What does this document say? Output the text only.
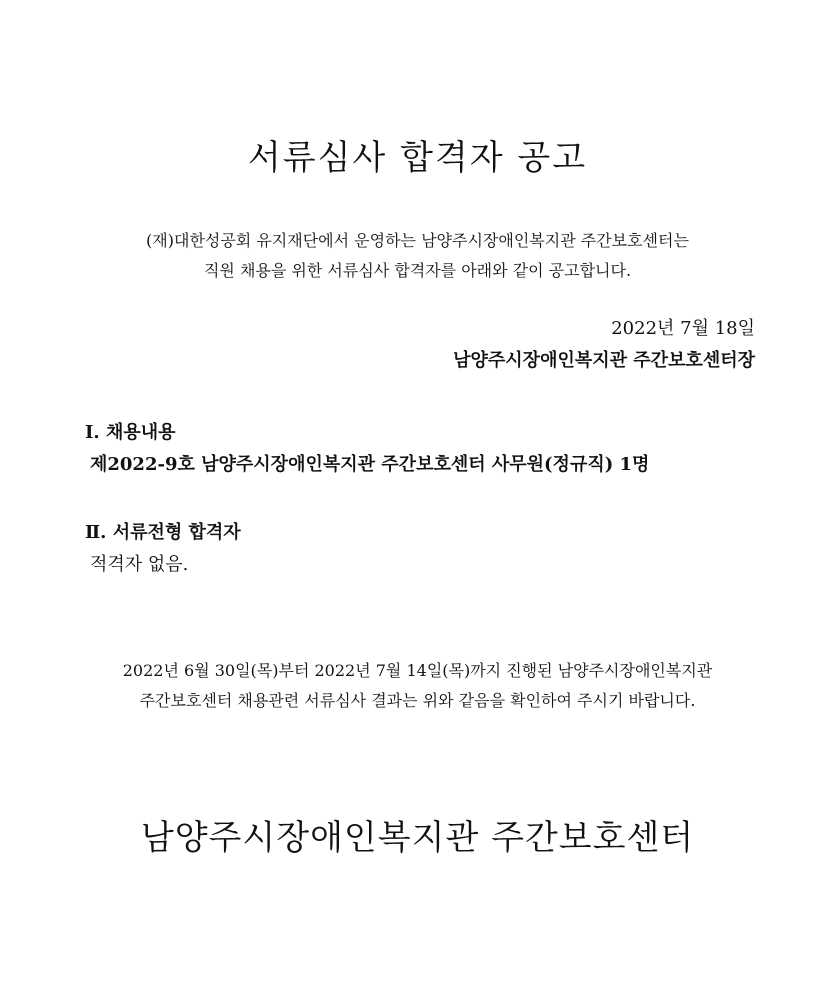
서류심사 합격자 공고
(재)대한성공회 유지재단에서 운영하는 남양주시장애인복지관 주간보호센터는
직원 채용을 위한 서류심사 합격자를 아래와 같이 공고합니다.
2022년 7월 18일
남양주시장애인복지관 주간보호센터장
Ⅰ. 채용내용
제2022-9호 남양주시장애인복지관 주간보호센터 사무원(정규직) 1명
Ⅱ. 서류전형 합격자
적격자 없음.
2022년 6월 30일(목)부터 2022년 7월 14일(목)까지 진행된 남양주시장애인복지관
주간보호센터 채용관련 서류심사 결과는 위와 같음을 확인하여 주시기 바랍니다.
남양주시장애인복지관 주간보호센터
